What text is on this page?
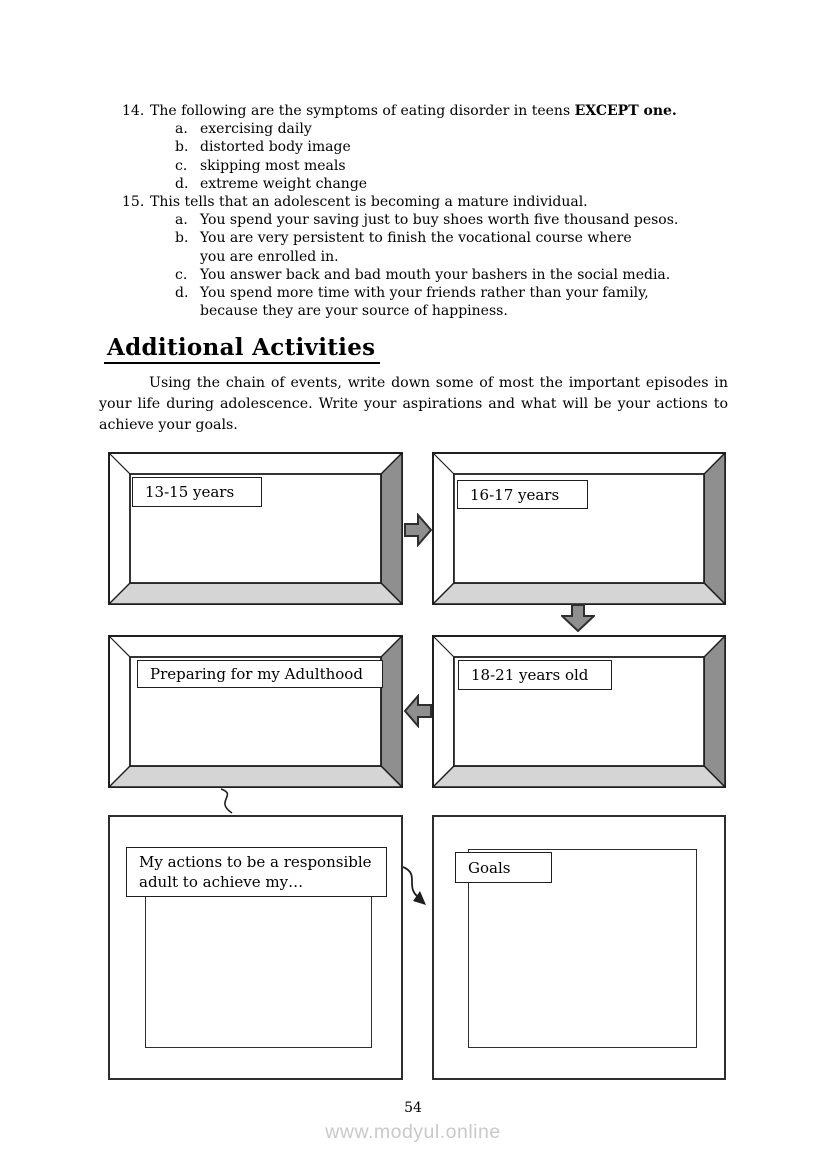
14. The following are the symptoms of eating disorder in teens EXCEPT one.
a. exercising daily
b. distorted body image
c. skipping most meals
d. extreme weight change
15. This tells that an adolescent is becoming a mature individual.
a. You spend your saving just to buy shoes worth five thousand pesos.
b. You are very persistent to finish the vocational course where
you are enrolled in.
c. You answer back and bad mouth your bashers in the social media.
d. You spend more time with your friends rather than your family,
because they are your source of happiness.
Additional Activities
Using the chain of events, write down some of most the important episodes in your life during adolescence. Write your aspirations and what will be your actions to achieve your goals.
13-15 years	16-17 years
Preparing for my Adulthood	18-21 years old
My actions to be a responsible
adult to achieve my…
Goals
54
www.modyul.online
